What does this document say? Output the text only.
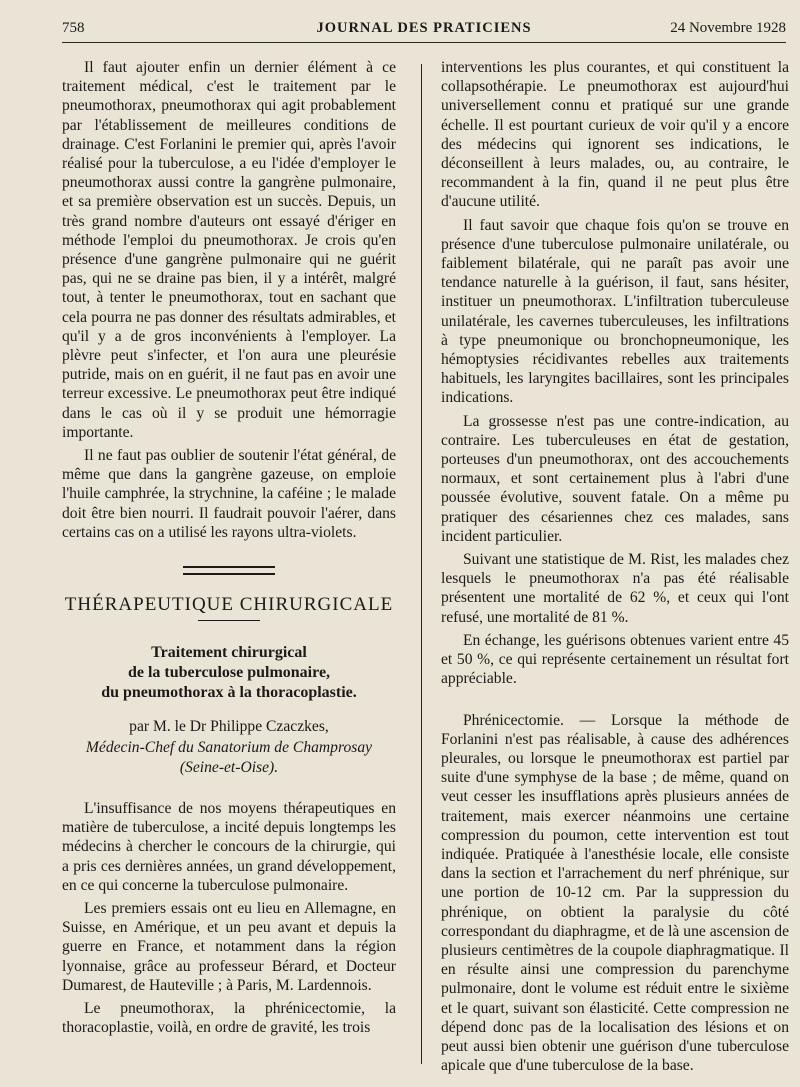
758	JOURNAL DES PRATICIENS	24 Novembre 1928

Il faut ajouter enfin un dernier élément à ce traitement médical, c'est le traitement par le pneumothorax, pneumothorax qui agit probablement par l'établissement de meilleures conditions de drainage. C'est Forlanini le premier qui, après l'avoir réalisé pour la tuberculose, a eu l'idée d'employer le pneumothorax aussi contre la gangrène pulmonaire, et sa première observation est un succès. Depuis, un très grand nombre d'auteurs ont essayé d'ériger en méthode l'emploi du pneumothorax. Je crois qu'en présence d'une gangrène pulmonaire qui ne guérit pas, qui ne se draine pas bien, il y a intérêt, malgré tout, à tenter le pneumothorax, tout en sachant que cela pourra ne pas donner des résultats admirables, et qu'il y a de gros inconvénients à l'employer. La plèvre peut s'infecter, et l'on aura une pleurésie putride, mais on en guérit, il ne faut pas en avoir une terreur excessive. Le pneumothorax peut être indiqué dans le cas où il y se produit une hémorragie importante.

Il ne faut pas oublier de soutenir l'état général, de même que dans la gangrène gazeuse, on emploie l'huile camphrée, la strychnine, la caféine ; le malade doit être bien nourri. Il faudrait pouvoir l'aérer, dans certains cas on a utilisé les rayons ultra-violets.

THÉRAPEUTIQUE CHIRURGICALE
Traitement chirurgical
de la tuberculose pulmonaire,
du pneumothorax à la thoracoplastie.
par M. le Dr Philippe Czaczkes,
Médecin-Chef du Sanatorium de Champrosay
(Seine-et-Oise).

L'insuffisance de nos moyens thérapeutiques en matière de tuberculose, a incité depuis longtemps les médecins à chercher le concours de la chirurgie, qui a pris ces dernières années, un grand développement, en ce qui concerne la tuberculose pulmonaire.

Les premiers essais ont eu lieu en Allemagne, en Suisse, en Amérique, et un peu avant et depuis la guerre en France, et notamment dans la région lyonnaise, grâce au professeur Bérard, et Docteur Dumarest, de Hauteville ; à Paris, M. Lardennois.

Le pneumothorax, la phrénicectomie, la thoracoplastie, voilà, en ordre de gravité, les trois

interventions les plus courantes, et qui constituent la collapsothérapie. Le pneumothorax est aujourd'hui universellement connu et pratiqué sur une grande échelle. Il est pourtant curieux de voir qu'il y a encore des médecins qui ignorent ses indications, le déconseillent à leurs malades, ou, au contraire, le recommandent à la fin, quand il ne peut plus être d'aucune utilité.

Il faut savoir que chaque fois qu'on se trouve en présence d'une tuberculose pulmonaire unilatérale, ou faiblement bilatérale, qui ne paraît pas avoir une tendance naturelle à la guérison, il faut, sans hésiter, instituer un pneumothorax. L'infiltration tuberculeuse unilatérale, les cavernes tuberculeuses, les infiltrations à type pneumonique ou bronchopneumonique, les hémoptysies récidivantes rebelles aux traitements habituels, les laryngites bacillaires, sont les principales indications.

La grossesse n'est pas une contre-indication, au contraire. Les tuberculeuses en état de gestation, porteuses d'un pneumothorax, ont des accouchements normaux, et sont certainement plus à l'abri d'une poussée évolutive, souvent fatale. On a même pu pratiquer des césariennes chez ces malades, sans incident particulier.

Suivant une statistique de M. Rist, les malades chez lesquels le pneumothorax n'a pas été réalisable présentent une mortalité de 62 %, et ceux qui l'ont refusé, une mortalité de 81 %.

En échange, les guérisons obtenues varient entre 45 et 50 %, ce qui représente certainement un résultat fort appréciable.

Phrénicectomie. — Lorsque la méthode de Forlanini n'est pas réalisable, à cause des adhérences pleurales, ou lorsque le pneumothorax est partiel par suite d'une symphyse de la base ; de même, quand on veut cesser les insufflations après plusieurs années de traitement, mais exercer néanmoins une certaine compression du poumon, cette intervention est tout indiquée. Pratiquée à l'anesthésie locale, elle consiste dans la section et l'arrachement du nerf phrénique, sur une portion de 10-12 cm. Par la suppression du phrénique, on obtient la paralysie du côté correspondant du diaphragme, et de là une ascension de plusieurs centimètres de la coupole diaphragmatique. Il en résulte ainsi une compression du parenchyme pulmonaire, dont le volume est réduit entre le sixième et le quart, suivant son élasticité. Cette compression ne dépend donc pas de la localisation des lésions et on peut aussi bien obtenir une guérison d'une tuberculose apicale que d'une tuberculose de la base.
